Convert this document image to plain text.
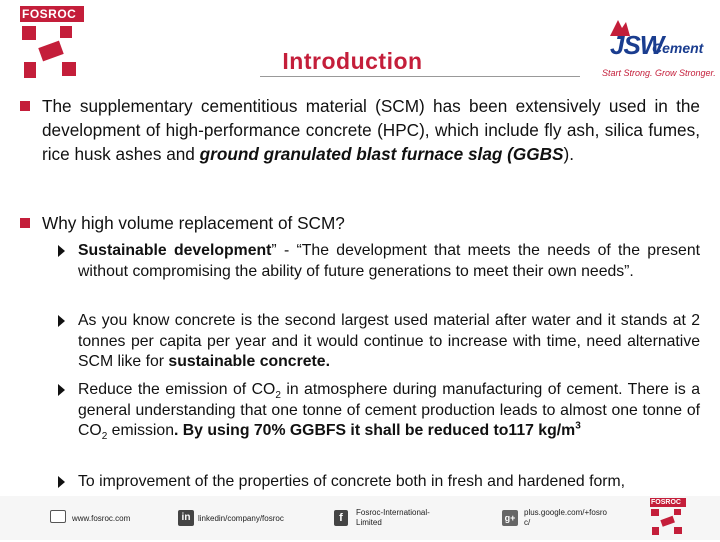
FOSROC
JSW
Cement
Start Strong. Grow Stronger.
Introduction
The supplementary cementitious material (SCM) has been extensively used in the development of high-performance concrete (HPC), which include fly ash, silica fumes, rice husk ashes and ground granulated blast furnace slag (GGBS).
Why high volume replacement of SCM?
Sustainable development” - “The development that meets the needs of the present without compromising the ability of future generations to meet their own needs”.
As you know concrete is the second largest used material after water and it stands at 2 tonnes per capita per year and it would continue to increase with time, need alternative SCM like for sustainable concrete.
Reduce the emission of $CO_2$ in atmosphere during manufacturing of cement. There is a general understanding that one tonne of cement production leads to almost one tonne of $CO_2$ emission. By using 70% GGBFS it shall be reduced to117 $kg/m^3$
To improvement of the properties of concrete both in fresh and hardened form,
www.fosroc.com	in linkedin/company/fosroc	f	Fosroc-International-
Limited	g+
plus.google.com/+fosro
c/
FOSROC
